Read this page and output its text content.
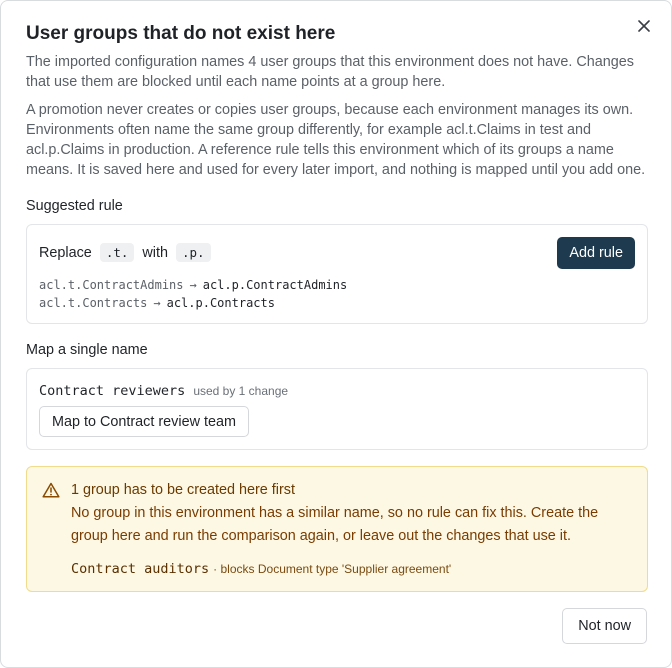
User groups that do not exist here
The imported configuration names 4 user groups that this environment does not have. Changes that use them are blocked until each name points at a group here.
A promotion never creates or copies user groups, because each environment manages its own. Environments often name the same group differently, for example acl.t.Claims in test and acl.p.Claims in production. A reference rule tells this environment which of its groups a name means. It is saved here and used for every later import, and nothing is mapped until you add one.
Suggested rule
Replace	.t. with	.p.	Add rule
acl.t.ContractAdmins → acl.p.ContractAdmins
acl.t.Contracts → acl.p.Contracts
Map a single name
Contract reviewers used by 1 change
Map to Contract review team
1 group has to be created here first
No group in this environment has a similar name, so no rule can fix this. Create the group here and run the comparison again, or leave out the changes that use it.
Contract auditors · blocks Document type 'Supplier agreement'
Not now
